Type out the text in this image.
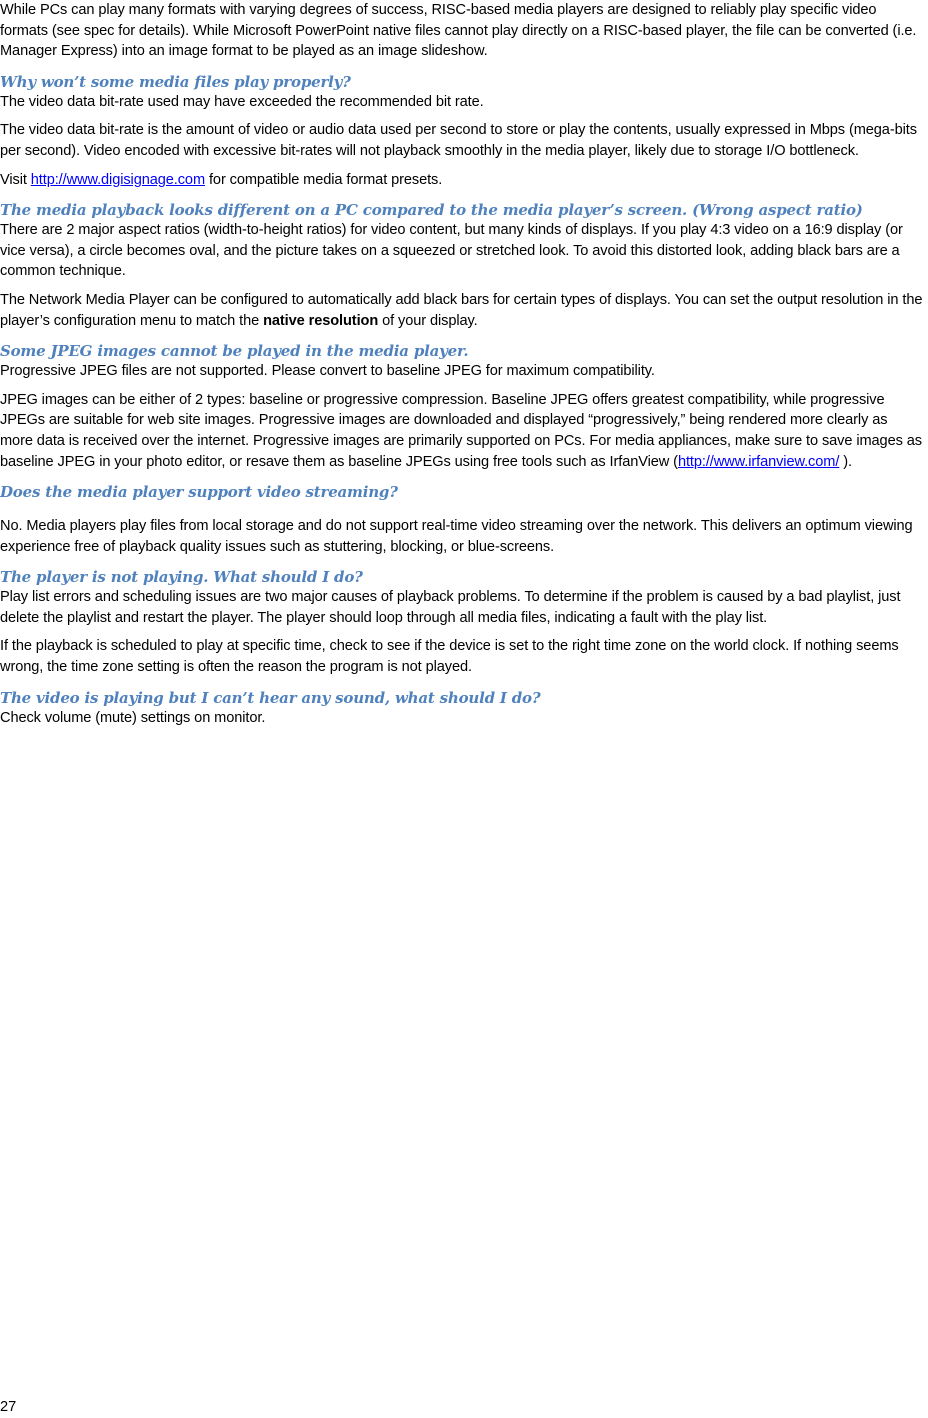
While PCs can play many formats with varying degrees of success, RISC-based media players are designed to reliably play specific video formats (see spec for details). While Microsoft PowerPoint native files cannot play directly on a RISC-based player, the file can be converted (i.e. Manager Express) into an image format to be played as an image slideshow.

Why won’t some media files play properly?

The video data bit-rate used may have exceeded the recommended bit rate.

The video data bit-rate is the amount of video or audio data used per second to store or play the contents, usually expressed in Mbps (mega-bits per second). Video encoded with excessive bit-rates will not playback smoothly in the media player, likely due to storage I/O bottleneck.

Visit http://www.digisignage.com for compatible media format presets.

The media playback looks different on a PC compared to the media player’s screen. (Wrong aspect ratio)

There are 2 major aspect ratios (width-to-height ratios) for video content, but many kinds of displays. If you play 4:3 video on a 16:9 display (or vice versa), a circle becomes oval, and the picture takes on a squeezed or stretched look. To avoid this distorted look, adding black bars are a common technique.

The Network Media Player can be configured to automatically add black bars for certain types of displays. You can set the output resolution in the player’s configuration menu to match the native resolution of your display.

Some JPEG images cannot be played in the media player.

Progressive JPEG files are not supported. Please convert to baseline JPEG for maximum compatibility.

JPEG images can be either of 2 types: baseline or progressive compression. Baseline JPEG offers greatest compatibility, while progressive JPEGs are suitable for web site images. Progressive images are downloaded and displayed “progressively,” being rendered more clearly as more data is received over the internet. Progressive images are primarily supported on PCs. For media appliances, make sure to save images as baseline JPEG in your photo editor, or resave them as baseline JPEGs using free tools such as IrfanView (http://www.irfanview.com/ ).

Does the media player support video streaming?

No. Media players play files from local storage and do not support real-time video streaming over the network. This delivers an optimum viewing experience free of playback quality issues such as stuttering, blocking, or blue-screens.

The player is not playing. What should I do?

Play list errors and scheduling issues are two major causes of playback problems. To determine if the problem is caused by a bad playlist, just delete the playlist and restart the player. The player should loop through all media files, indicating a fault with the play list.

If the playback is scheduled to play at specific time, check to see if the device is set to the right time zone on the world clock. If nothing seems wrong, the time zone setting is often the reason the program is not played.

The video is playing but I can’t hear any sound, what should I do?

Check volume (mute) settings on monitor.

27
